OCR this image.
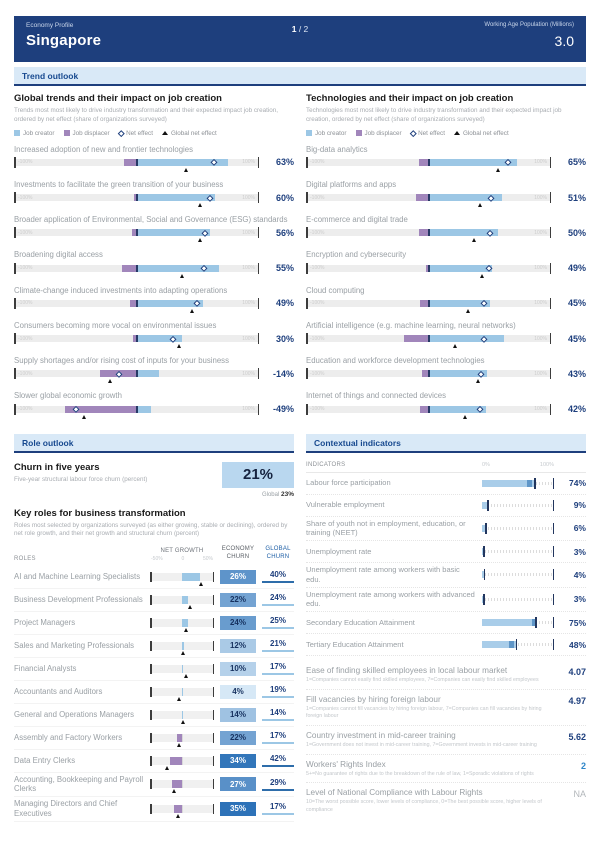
Economy Profile
Singapore
1 / 2	Working Age Population (Millions)
3.0
Trend outlook
Global trends and their impact on job creation
Trends most most likely to drive industry transformation and their expected impact job creation, ordered by net effect (share of organizations surveyed)
Job creator	Job displacer	Net effect	Global net effect
Increased adoption of new and frontier technologies
-100%	100%	63%
Investments to facilitate the green transition of your business
-100%	100%	60%
Broader application of Environmental, Social and Governance (ESG) standards
-100%	100%	56%
Broadening digital access
-100%	100%	55%
Climate-change induced investments into adapting operations
-100%	100%	49%
Consumers becoming more vocal on environmental issues
-100%	100%	30%
Supply shortages and/or rising cost of inputs for your business
-100%	100%	-14%
Slower global economic growth
-100%	100%	-49%
Technologies and their impact on job creation
Technologies most most likely to drive industry transformation and their expected impact job creation, ordered by net effect (share of organizations surveyed)
Job creator	Job displacer	Net effect	Global net effect
Big-data analytics
-100%	100%	65%
Digital platforms and apps
-100%	100%	51%
E-commerce and digital trade
-100%	100%	50%
Encryption and cybersecurity
-100%	100%	49%
Cloud computing
-100%	100%	45%
Artificial intelligence (e.g. machine learning, neural networks)
-100%	100%	45%
Education and workforce development technologies
-100%	100%	43%
Internet of things and connected devices
-100%	100%	42%
Role outlook
Churn in five years
Five-year structural labour force churn (percent)	21%
Global 23%
Key roles for business transformation
Roles most selected by organizations surveyed (as either growing, stable or declining), ordered by net role growth, and their net growth and structural churn (percent)
ROLES
NET GROWTH
-50%	0	50%
ECONOMY CHURN
GLOBAL CHURN
AI and Machine Learning Specialists	26%	40%
Business Development Professionals	22%	24%
Project Managers	24%	25%
Sales and Marketing Professionals	12%	21%
Financial Analysts	10%	17%
Accountants and Auditors	4%	19%
General and Operations Managers	14%	14%
Assembly and Factory Workers	22%	17%
Data Entry Clerks	34%	42%
Accounting, Bookkeeping and Payroll Clerks	27%	29%
Managing Directors and Chief Executives	35%	17%
Contextual indicators
INDICATORS	0%	100%
Labour force participation	74%
Vulnerable employment	9%
Share of youth not in employment, education, or training (NEET)	6%
Unemployment rate	3%
Unemployment rate among workers with basic edu.	4%
Unemployment rate among workers with advanced edu.	3%
Secondary Education Attainment	75%
Tertiary Education Attainment	48%
Ease of finding skilled employees in local labour market
1=Companies cannot easily find skilled employees, 7=Companies can easily find skilled employees
4.07
Fill vacancies by hiring foreign labour
1=Companies cannot fill vacancies by hiring foreign labour, 7=Companies can fill vacancies by hiring foreign labour
4.97
Country investment in mid-career training
1=Government does not invest in mid-career training, 7=Government invests in mid-career training
5.62
Workers' Rights Index
5+=No guarantee of rights due to the breakdown of the rule of law, 1=Sporadic violations of rights
2
Level of National Compliance with Labour Rights
10=The worst possible score, lower levels of compliance, 0=The best possible score, higher levels of compliance
NA
